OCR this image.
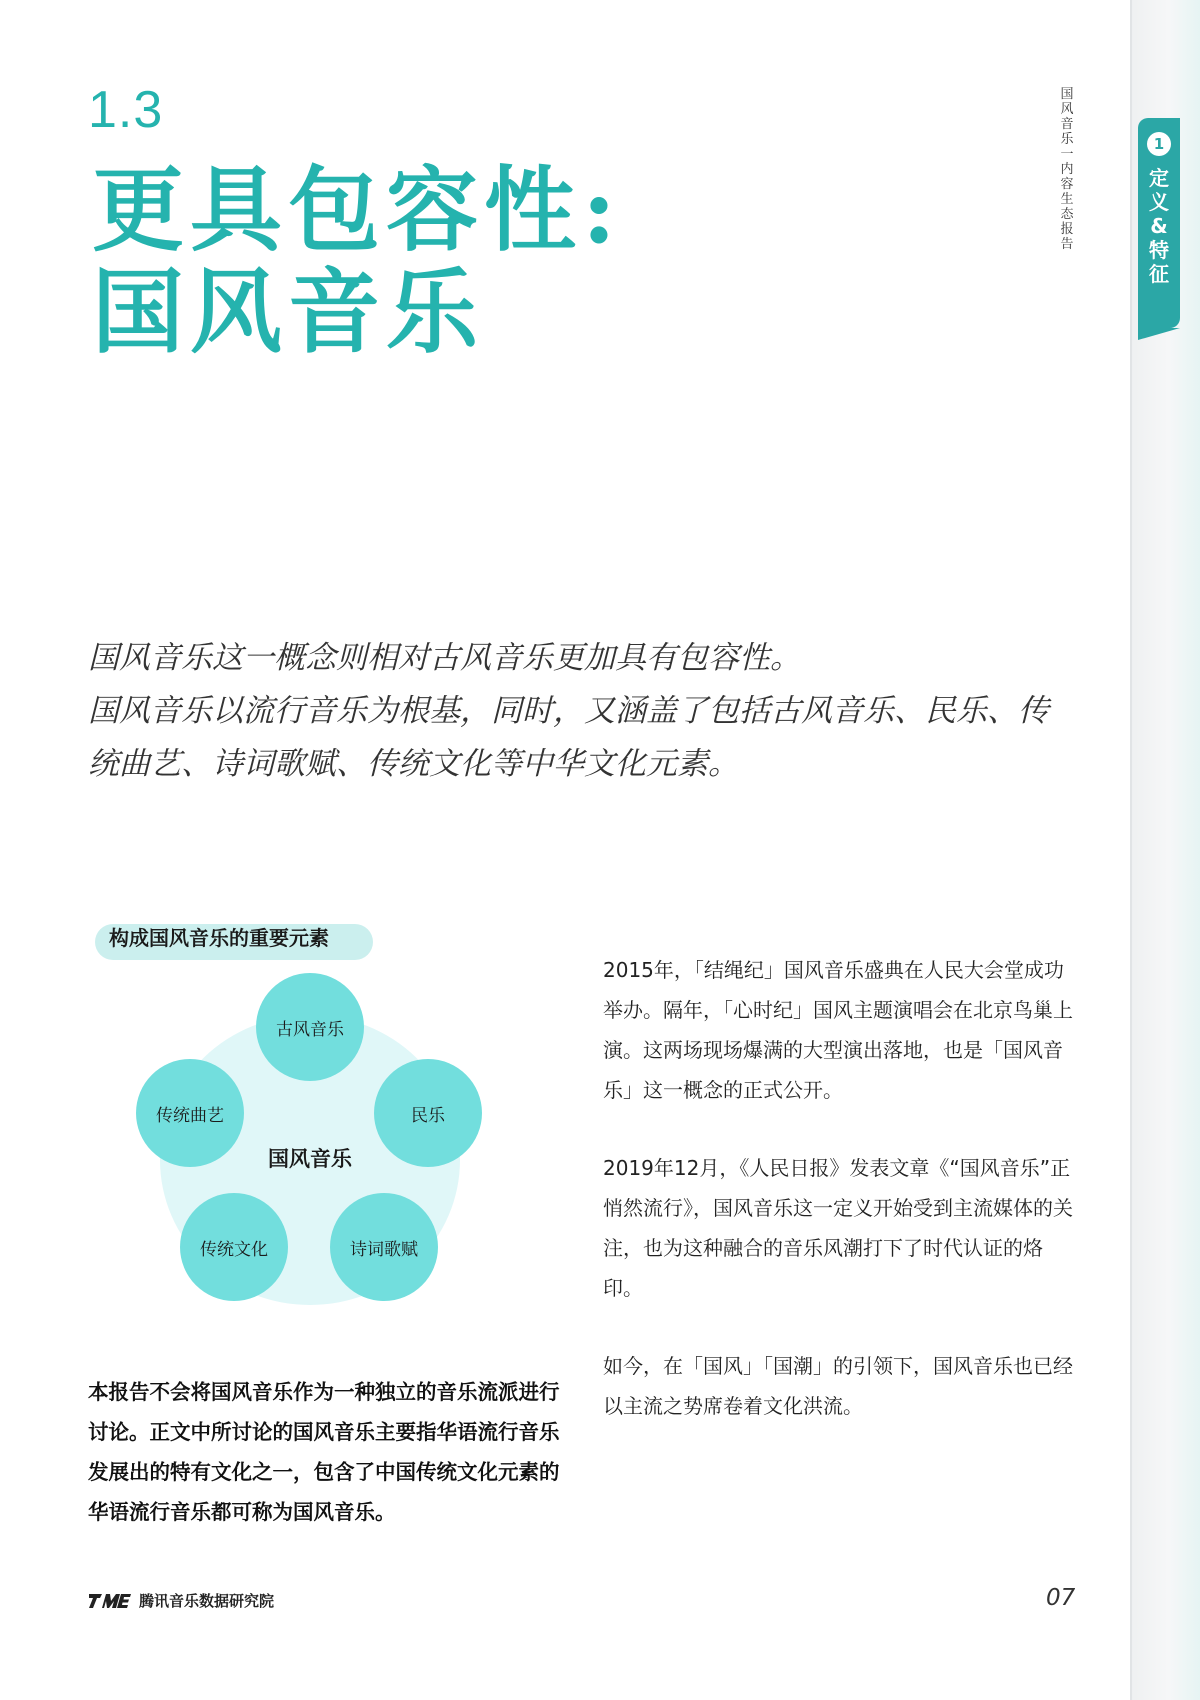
国风音乐一内容生态报告
1
定义&特征
1.3
更具包容性:
国风音乐

国风音乐这一概念则相对古风音乐更加具有包容性。

国风音乐以流行音乐为根基，同时，又涵盖了包括古风音乐、民乐、传统曲艺、诗词歌赋、传统文化等中华文化元素。

构成国风音乐的重要元素
古风音乐
民乐
诗词歌赋
传统文化
传统曲艺
国风音乐
本报告不会将国风音乐作为一种独立的音乐流派进行讨论。正文中所讨论的国风音乐主要指华语流行音乐发展出的特有文化之一，包含了中国传统文化元素的华语流行音乐都可称为国风音乐。

2015年，「结绳纪」国风音乐盛典在人民大会堂成功举办。隔年，「心时纪」国风主题演唱会在北京鸟巢上演。这两场现场爆满的大型演出落地，也是「国风音乐」这一概念的正式公开。

2019年12月，《人民日报》发表文章《“国风音乐”正悄然流行》，国风音乐这一定义开始受到主流媒体的关注，也为这种融合的音乐风潮打下了时代认证的烙印。

如今，在「国风」「国潮」的引领下，国风音乐也已经以主流之势席卷着文化洪流。

腾讯音乐数据研究院	07
